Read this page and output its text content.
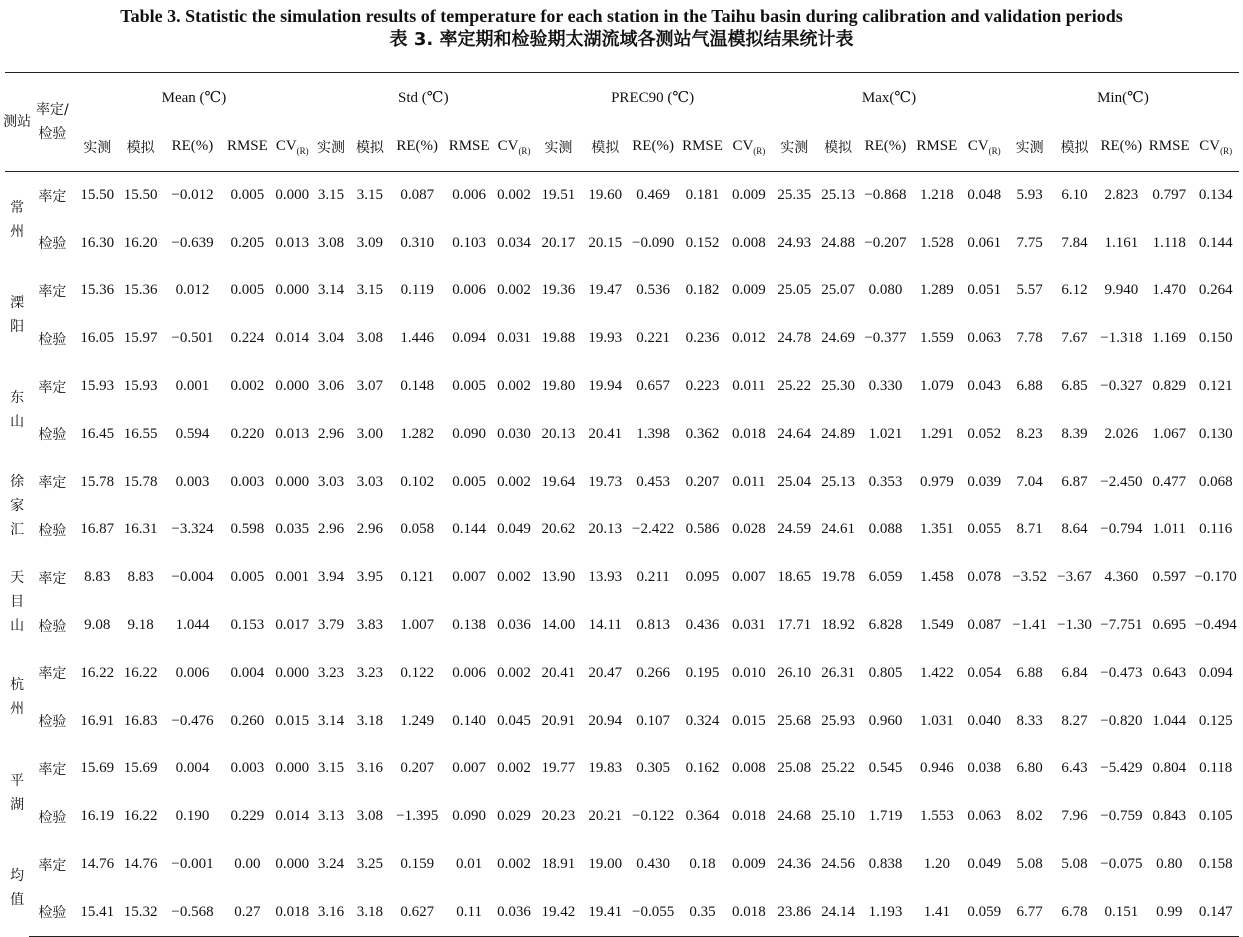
Table 3. Statistic the simulation results of temperature for each station in the Taihu basin during calibration and validation periods
表 3. 率定期和检验期太湖流域各测站气温模拟结果统计表
测站	率定/
检验	Mean (℃)					Std (℃)					PREC90 (℃)					Max(℃)					Min(℃)				
		实测	模拟	RE(%)	RMSE	$CV_{(R)}$	实测	模拟	RE(%)	RMSE	$CV_{(R)}$	实测	模拟	RE(%)	RMSE	$CV_{(R)}$	实测	模拟	RE(%)	RMSE	$CV_{(R)}$	实测	模拟	RE(%)	RMSE	$CV_{(R)}$

常
州	率定	15.50	15.50	−0.012	0.005	0.000	3.15	3.15	0.087	0.006	0.002	19.51	19.60	0.469	0.181	0.009	25.35	25.13	−0.868	1.218	0.048	5.93	6.10	2.823	0.797	0.134
	检验	16.30	16.20	−0.639	0.205	0.013	3.08	3.09	0.310	0.103	0.034	20.17	20.15	−0.090	0.152	0.008	24.93	24.88	−0.207	1.528	0.061	7.75	7.84	1.161	1.118	0.144

溧
阳	率定	15.36	15.36	0.012	0.005	0.000	3.14	3.15	0.119	0.006	0.002	19.36	19.47	0.536	0.182	0.009	25.05	25.07	0.080	1.289	0.051	5.57	6.12	9.940	1.470	0.264
	检验	16.05	15.97	−0.501	0.224	0.014	3.04	3.08	1.446	0.094	0.031	19.88	19.93	0.221	0.236	0.012	24.78	24.69	−0.377	1.559	0.063	7.78	7.67	−1.318	1.169	0.150

东
山	率定	15.93	15.93	0.001	0.002	0.000	3.06	3.07	0.148	0.005	0.002	19.80	19.94	0.657	0.223	0.011	25.22	25.30	0.330	1.079	0.043	6.88	6.85	−0.327	0.829	0.121
	检验	16.45	16.55	0.594	0.220	0.013	2.96	3.00	1.282	0.090	0.030	20.13	20.41	1.398	0.362	0.018	24.64	24.89	1.021	1.291	0.052	8.23	8.39	2.026	1.067	0.130

徐
家
汇	率定	15.78	15.78	0.003	0.003	0.000	3.03	3.03	0.102	0.005	0.002	19.64	19.73	0.453	0.207	0.011	25.04	25.13	0.353	0.979	0.039	7.04	6.87	−2.450	0.477	0.068
	检验	16.87	16.31	−3.324	0.598	0.035	2.96	2.96	0.058	0.144	0.049	20.62	20.13	−2.422	0.586	0.028	24.59	24.61	0.088	1.351	0.055	8.71	8.64	−0.794	1.011	0.116

天
目
山	率定	8.83	8.83	−0.004	0.005	0.001	3.94	3.95	0.121	0.007	0.002	13.90	13.93	0.211	0.095	0.007	18.65	19.78	6.059	1.458	0.078	−3.52	−3.67	4.360	0.597	−0.170
	检验	9.08	9.18	1.044	0.153	0.017	3.79	3.83	1.007	0.138	0.036	14.00	14.11	0.813	0.436	0.031	17.71	18.92	6.828	1.549	0.087	−1.41	−1.30	−7.751	0.695	−0.494

杭
州	率定	16.22	16.22	0.006	0.004	0.000	3.23	3.23	0.122	0.006	0.002	20.41	20.47	0.266	0.195	0.010	26.10	26.31	0.805	1.422	0.054	6.88	6.84	−0.473	0.643	0.094
	检验	16.91	16.83	−0.476	0.260	0.015	3.14	3.18	1.249	0.140	0.045	20.91	20.94	0.107	0.324	0.015	25.68	25.93	0.960	1.031	0.040	8.33	8.27	−0.820	1.044	0.125

平
湖	率定	15.69	15.69	0.004	0.003	0.000	3.15	3.16	0.207	0.007	0.002	19.77	19.83	0.305	0.162	0.008	25.08	25.22	0.545	0.946	0.038	6.80	6.43	−5.429	0.804	0.118
	检验	16.19	16.22	0.190	0.229	0.014	3.13	3.08	−1.395	0.090	0.029	20.23	20.21	−0.122	0.364	0.018	24.68	25.10	1.719	1.553	0.063	8.02	7.96	−0.759	0.843	0.105

均
值	率定	14.76	14.76	−0.001	0.00	0.000	3.24	3.25	0.159	0.01	0.002	18.91	19.00	0.430	0.18	0.009	24.36	24.56	0.838	1.20	0.049	5.08	5.08	−0.075	0.80	0.158
	检验	15.41	15.32	−0.568	0.27	0.018	3.16	3.18	0.627	0.11	0.036	19.42	19.41	−0.055	0.35	0.018	23.86	24.14	1.193	1.41	0.059	6.77	6.78	0.151	0.99	0.147
